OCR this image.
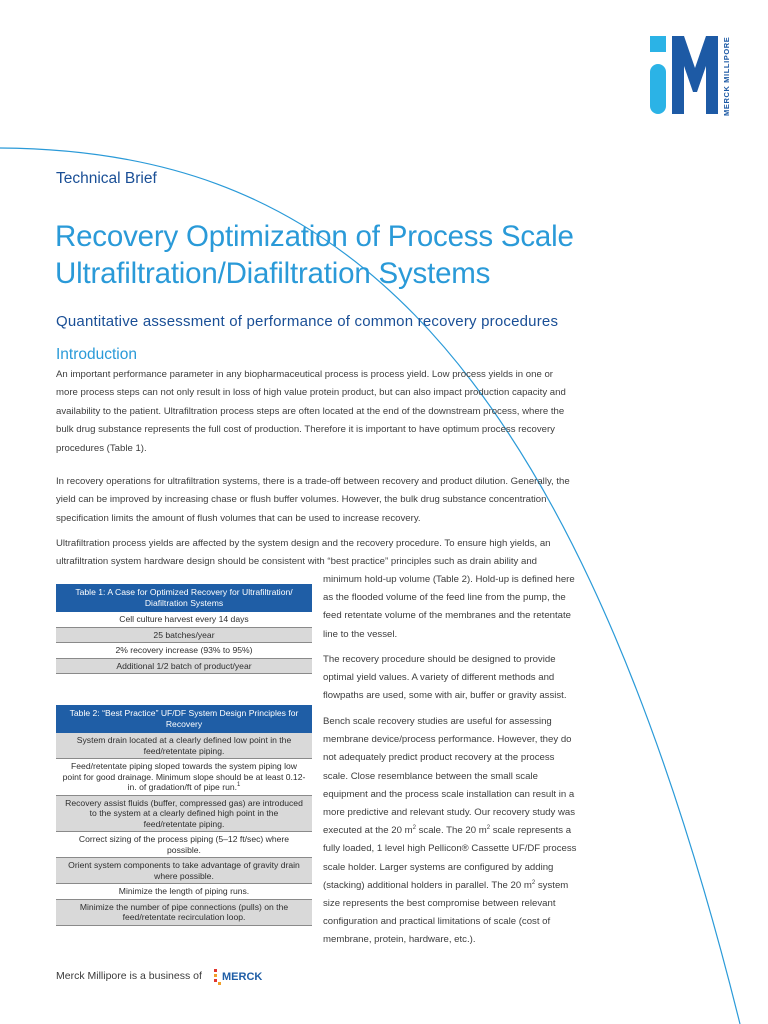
MERCK MILLIPORE
Technical Brief
Recovery Optimization of Process Scale Ultrafiltration/Diafiltration Systems
Quantitative assessment of performance of common recovery procedures
Introduction
An important performance parameter in any biopharmaceutical process is process yield. Low process yields in one or more process steps can not only result in loss of high value protein product, but can also impact production capacity and availability to the patient. Ultrafiltration process steps are often located at the end of the downstream process, where the bulk drug substance represents the full cost of production. Therefore it is important to have optimum process recovery procedures (Table 1).
In recovery operations for ultrafiltration systems, there is a trade-off between recovery and product dilution. Generally, the yield can be improved by increasing chase or flush buffer volumes. However, the bulk drug substance concentration specification limits the amount of flush volumes that can be used to increase recovery.
Ultrafiltration process yields are affected by the system design and the recovery procedure. To ensure high yields, an ultrafiltration system hardware design should be consistent with “best practice” principles such as drain ability and
minimum hold-up volume (Table 2). Hold-up is defined here as the flooded volume of the feed line from the pump, the feed retentate volume of the membranes and the retentate line to the vessel.
The recovery procedure should be designed to provide optimal yield values. A variety of different methods and flowpaths are used, some with air, buffer or gravity assist.
Bench scale recovery studies are useful for assessing membrane device/process performance. However, they do not adequately predict product recovery at the process scale. Close resemblance between the small scale equipment and the process scale installation can result in a more predictive and relevant study. Our recovery study was executed at the 20 $m^2$ scale. The 20 $m^2$ scale represents a fully loaded, 1 level high Pellicon® Cassette UF/DF process scale holder. Larger systems are configured by adding (stacking) additional holders in parallel. The 20 $m^2$ system size represents the best compromise between relevant configuration and practical limitations of scale (cost of membrane, protein, hardware, etc.).
Table 1: A Case for Optimized Recovery for Ultrafiltration/ Diafiltration Systems
Cell culture harvest every 14 days
25 batches/year
2% recovery increase (93% to 95%)
Additional 1/2 batch of product/year
Table 2: “Best Practice” UF/DF System Design Principles for Recovery
System drain located at a clearly defined low point in the feed/retentate piping.
Feed/retentate piping sloped towards the system piping low point for good drainage. Minimum slope should be at least 0.12-in. of gradation/ft of pipe run.$^1$
Recovery assist fluids (buffer, compressed gas) are introduced to the system at a clearly defined high point in the feed/retentate piping.
Correct sizing of the process piping (5–12 ft/sec) where possible.
Orient system components to take advantage of gravity drain where possible.
Minimize the length of piping runs.
Minimize the number of pipe connections (pulls) on the feed/retentate recirculation loop.
Merck Millipore is a business of MERCK
